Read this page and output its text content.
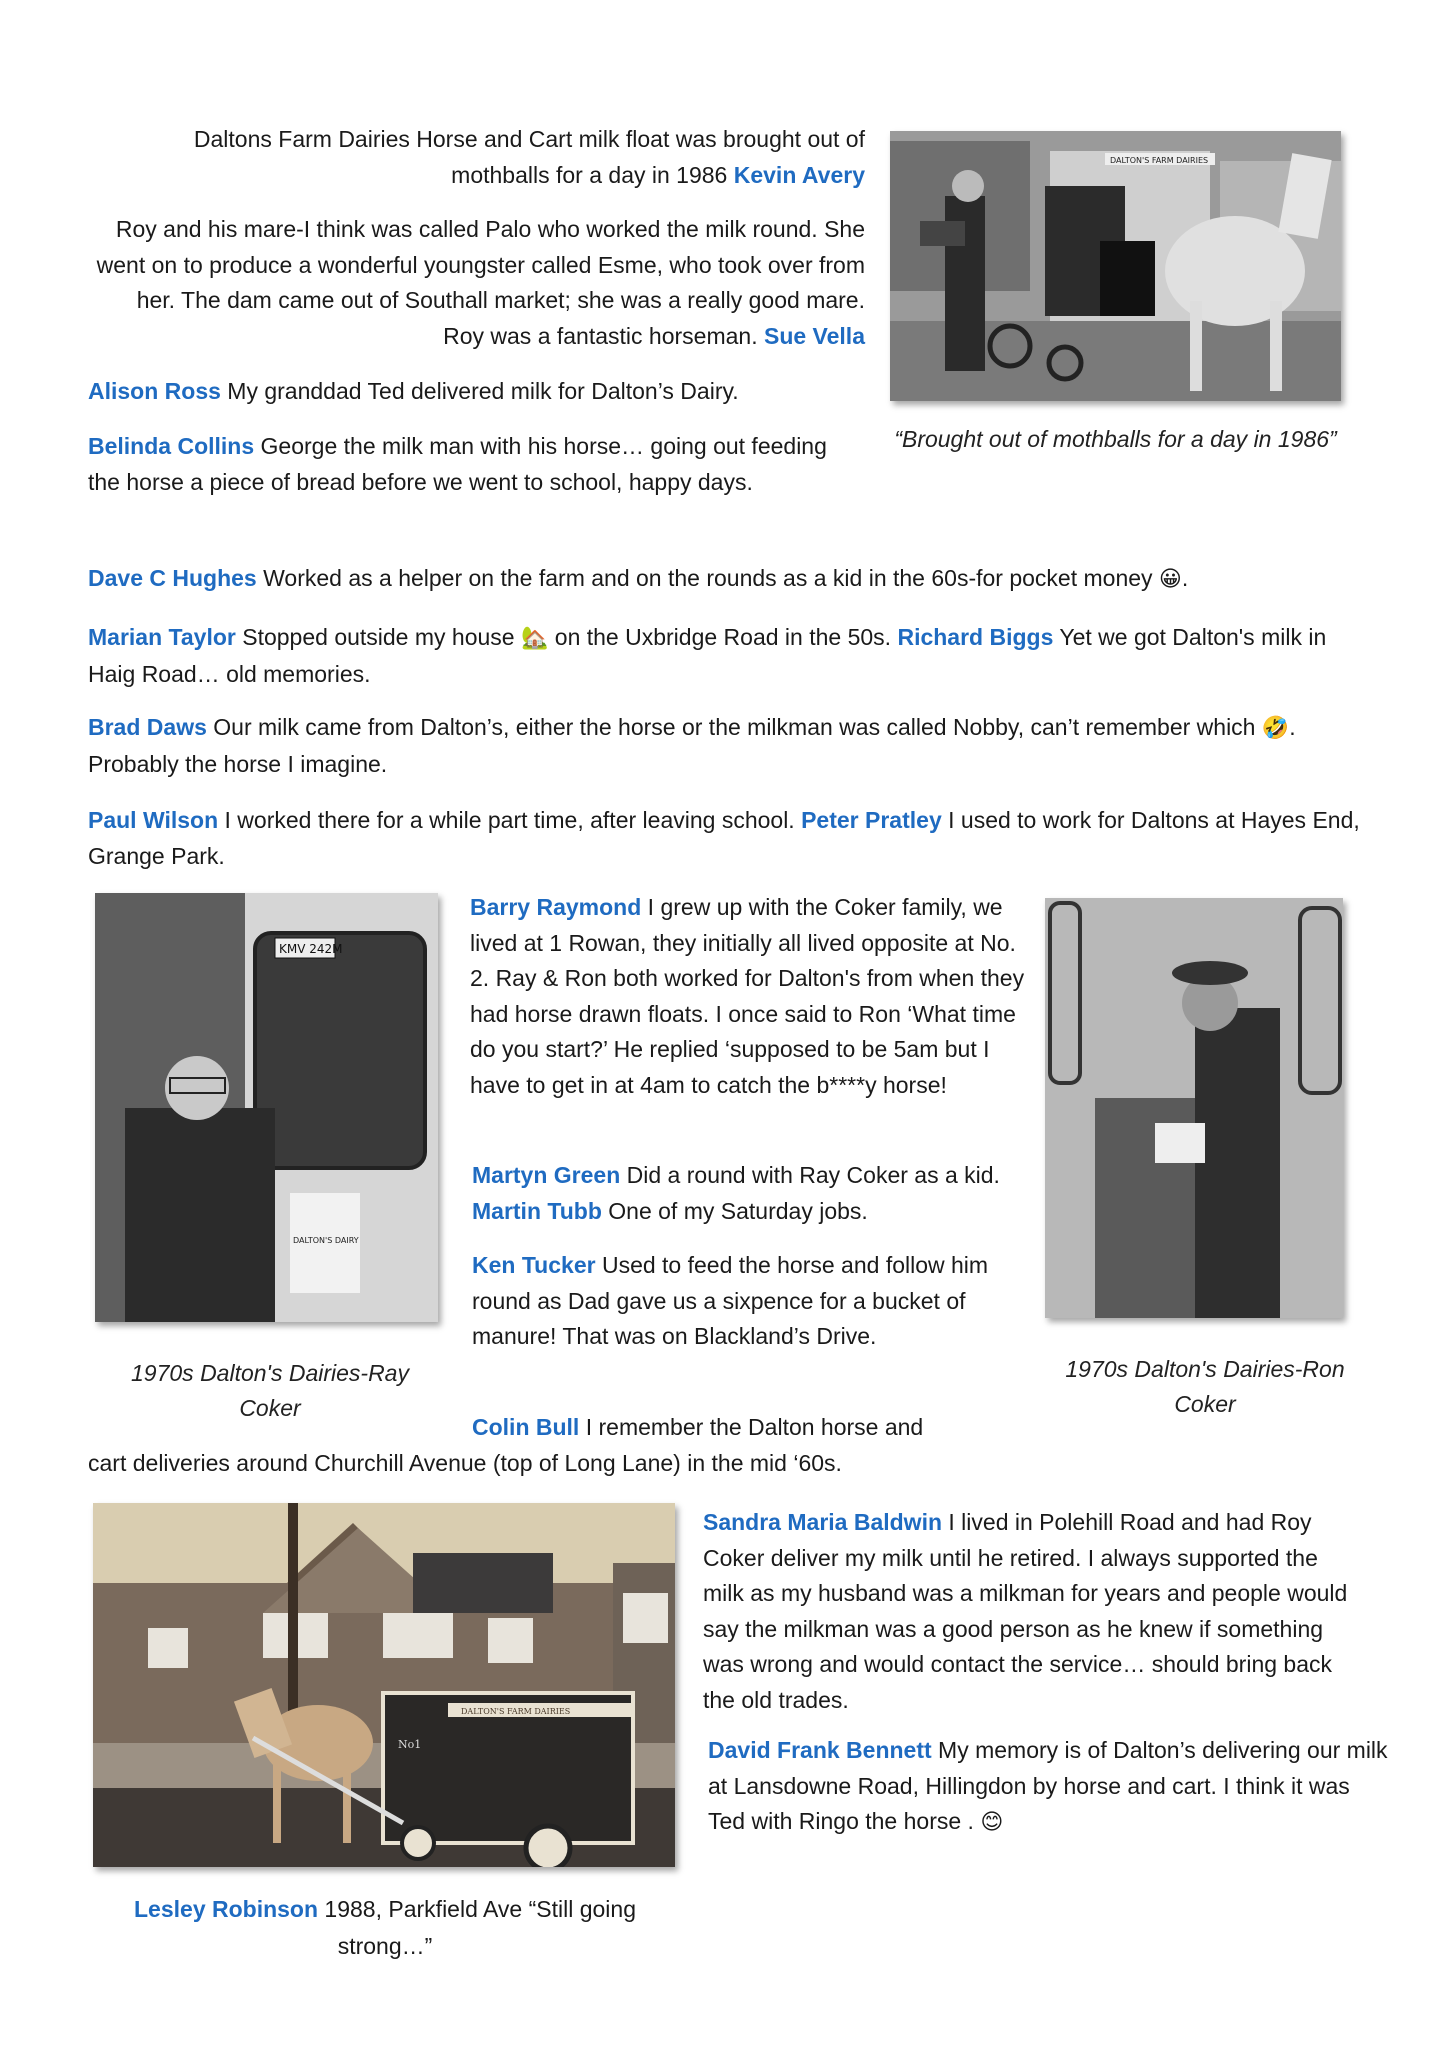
DALTON'S FARM DAIRIES
“Brought out of mothballs for a day in 1986”

Daltons Farm Dairies Horse and Cart milk float was brought out of mothballs for a day in 1986 Kevin Avery

Roy and his mare-I think was called Palo who worked the milk round. She went on to produce a wonderful youngster called Esme, who took over from her. The dam came out of Southall market; she was a really good mare. Roy was a fantastic horseman. Sue Vella

Alison Ross My granddad Ted delivered milk for Dalton’s Dairy.

Belinda Collins George the milk man with his horse… going out feeding the horse a piece of bread before we went to school, happy days.

Dave C Hughes Worked as a helper on the farm and on the rounds as a kid in the 60s-for pocket money 😀.

Marian Taylor Stopped outside my house 🏡 on the Uxbridge Road in the 50s. Richard Biggs Yet we got Dalton's milk in Haig Road… old memories.

Brad Daws Our milk came from Dalton’s, either the horse or the milkman was called Nobby, can’t remember which 🤣. Probably the horse I imagine.

Paul Wilson I worked there for a while part time, after leaving school. Peter Pratley I used to work for Daltons at Hayes End, Grange Park.

KMV 242M
DALTON'S DAIRY
1970s Dalton's Dairies-Ray Coker

Barry Raymond I grew up with the Coker family, we lived at 1 Rowan, they initially all lived opposite at No. 2. Ray & Ron both worked for Dalton's from when they had horse drawn floats. I once said to Ron ‘What time do you start?’ He replied ‘supposed to be 5am but I have to get in at 4am to catch the b****y horse!

Martyn Green Did a round with Ray Coker as a kid. Martin Tubb One of my Saturday jobs.

Ken Tucker Used to feed the horse and follow him round as Dad gave us a sixpence for a bucket of manure! That was on Blackland’s Drive.

Colin Bull I remember the Dalton horse and

cart deliveries around Churchill Avenue (top of Long Lane) in the mid ‘60s.

1970s Dalton's Dairies-Ron Coker
DALTON'S FARM DAIRIES
No1

Lesley Robinson 1988, Parkfield Ave “Still going strong…”

Sandra Maria Baldwin I lived in Polehill Road and had Roy Coker deliver my milk until he retired. I always supported the milk as my husband was a milkman for years and people would say the milkman was a good person as he knew if something was wrong and would contact the service… should bring back the old trades.

David Frank Bennett My memory is of Dalton’s delivering our milk at Lansdowne Road, Hillingdon by horse and cart. I think it was Ted with Ringo the horse . 😊
